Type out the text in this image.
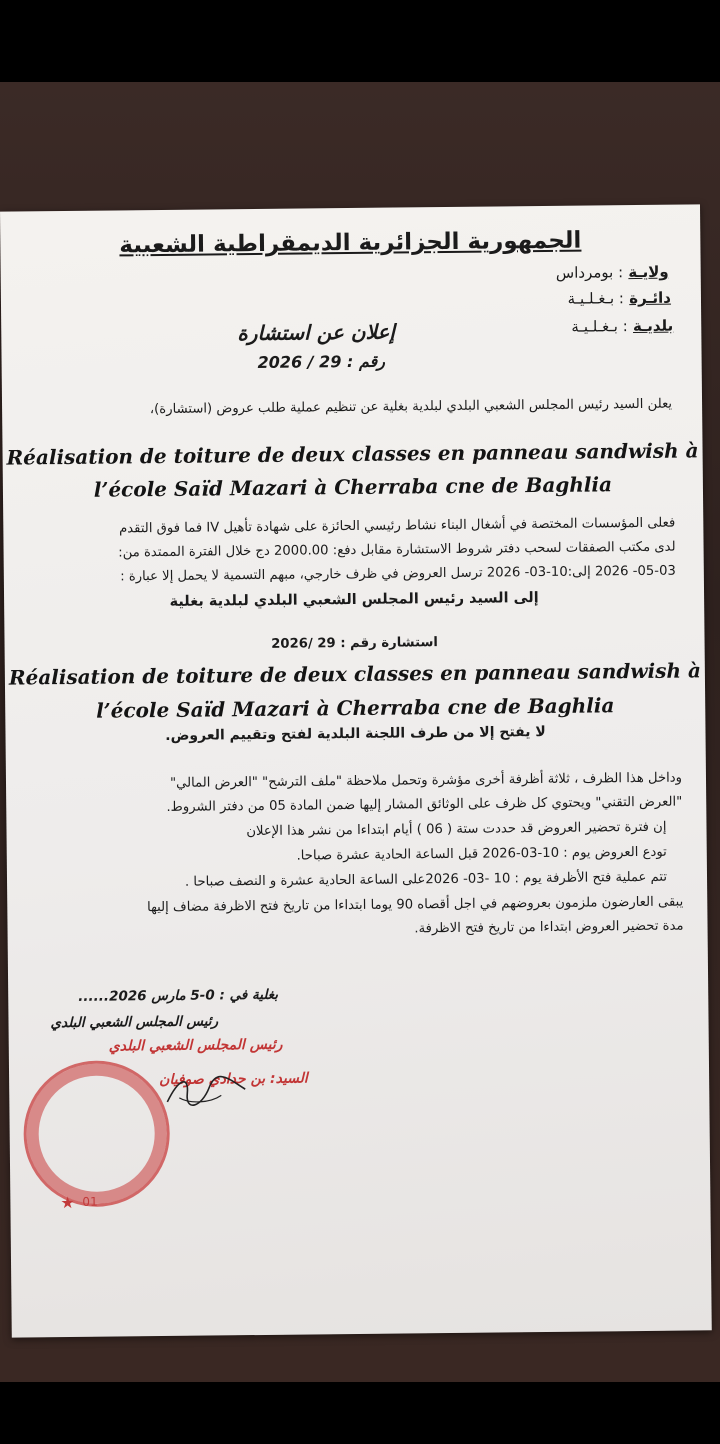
الجمهورية الجزائرية الديمقراطية الشعبية
ولايـة : بومرداس
دائـرة : بـغـلـيـة
بلديـة : بـغـلـيـة
إعلان عن استشارة
رقم : 29 / 2026
يعلن السيد رئيس المجلس الشعبي البلدي لبلدية بغلية عن تنظيم عملية طلب عروض (استشارة)،
Réalisation de toiture de deux classes en panneau sandwish à
l’école Saïd Mazari à Cherraba cne de Baghlia
فعلى المؤسسات المختصة في أشغال البناء نشاط رئيسي الحائزة على شهادة تأهيل IV فما فوق التقدم
لدى مكتب الصفقات لسحب دفتر شروط الاستشارة مقابل دفع: 2000.00 دج خلال الفترة الممتدة من:
05-03- 2026 إلى:10-03- 2026 ترسل العروض في ظرف خارجي، مبهم التسمية لا يحمل إلا عبارة :
إلى السيد رئيس المجلس الشعبي البلدي لبلدية بغلية
استشارة رقم : 29 /2026
Réalisation de toiture de deux classes en panneau sandwish à
l’école Saïd Mazari à Cherraba cne de Baghlia
لا يفتح إلا من طرف اللجنة البلدية لفتح وتقييم العروض.
وداخل هذا الظرف ، ثلاثة أظرفة أخرى مؤشرة وتحمل ملاحظة "ملف الترشح" "العرض المالي"
"العرض التقني" ويحتوي كل ظرف على الوثائق المشار إليها ضمن المادة 05 من دفتر الشروط.
إن فترة تحضير العروض قد حددت ستة ( 06 ) أيام ابتداءا من نشر هذا الإعلان
تودع العروض يوم : 10-03-2026 قبل الساعة الحادية عشرة صباحا.
تتم عملية فتح الأظرفة يوم : 10 -03- 2026على الساعة الحادية عشرة و النصف صباحا .
يبقى العارضون ملزمون بعروضهم في اجل أقصاه 90 يوما ابتداءا من تاريخ فتح الاظرفة مضاف إليها
مدة تحضير العروض ابتداءا من تاريخ فتح الاظرفة.
بغلية في : 0-5 مارس 2026......
رئيس المجلس الشعبي البلدي
رئيس المجلس الشعبي البلدي
السيد: بن حدادي صوفيان
★ 01
